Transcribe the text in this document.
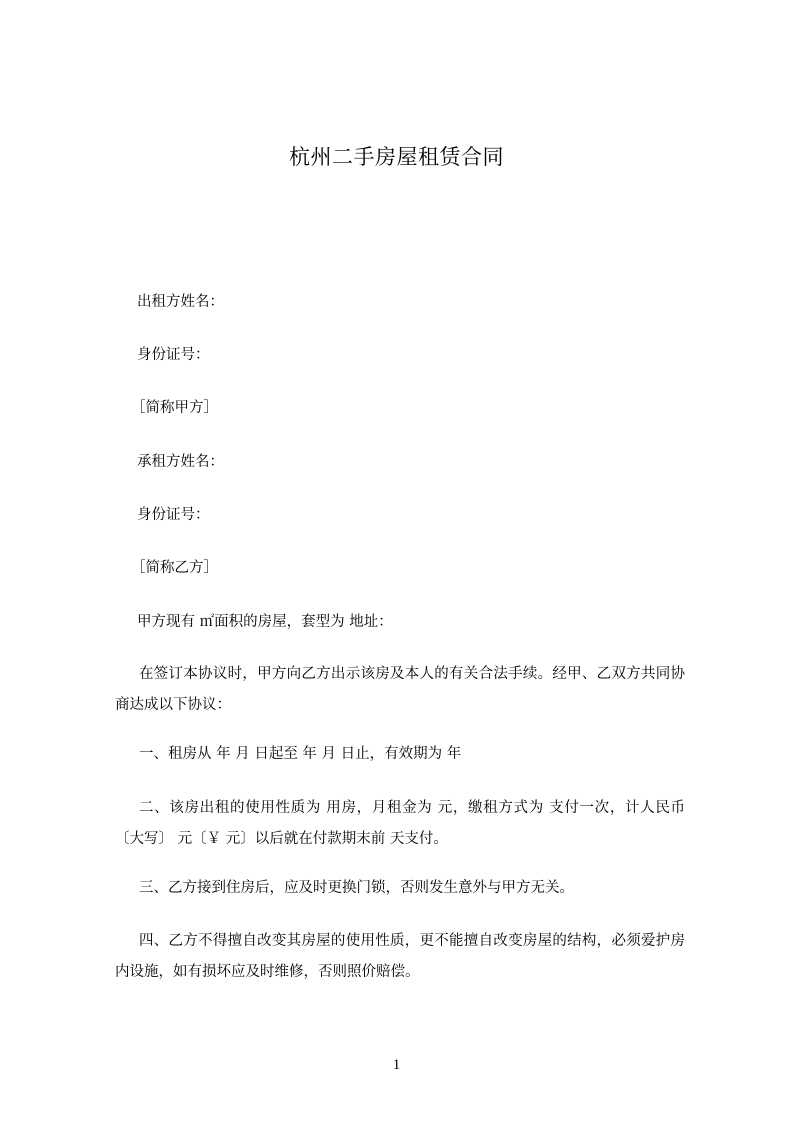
杭州二手房屋租赁合同
出租方姓名：
身份证号：
［简称甲方］
承租方姓名：
身份证号：
［简称乙方］
甲方现有 ㎡面积的房屋，套型为 地址：
在签订本协议时，甲方向乙方出示该房及本人的有关合法手续。经甲、乙双方共同协商达成以下协议：
一、租房从 年 月 日起至 年 月 日止，有效期为 年
二、该房出租的使用性质为 用房，月租金为 元，缴租方式为 支付一次，计人民币〔大写〕 元〔￥ 元〕以后就在付款期末前 天支付。
三、乙方接到住房后，应及时更换门锁，否则发生意外与甲方无关。
四、乙方不得擅自改变其房屋的使用性质，更不能擅自改变房屋的结构，必须爱护房内设施，如有损坏应及时维修，否则照价赔偿。
1
